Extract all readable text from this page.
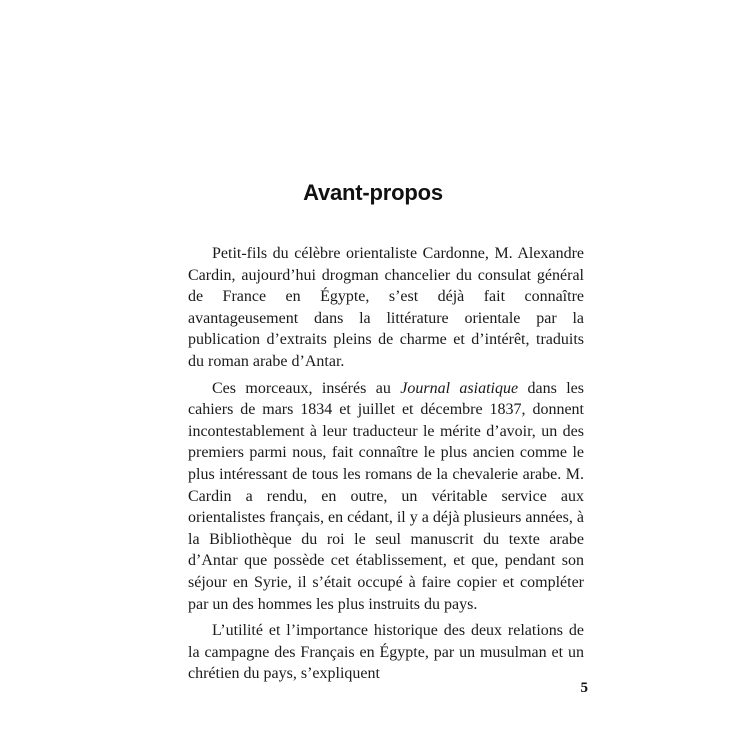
Avant-propos

Petit-fils du célèbre orientaliste Cardonne, M. Alexandre Cardin, aujourd’hui drogman chancelier du consulat général de France en Égypte, s’est déjà fait connaître avantageusement dans la littérature orientale par la publication d’extraits pleins de charme et d’intérêt, traduits du roman arabe d’Antar.

Ces morceaux, insérés au Journal asiatique dans les cahiers de mars 1834 et juillet et décembre 1837, donnent incontestablement à leur traducteur le mérite d’avoir, un des premiers parmi nous, fait connaître le plus ancien comme le plus intéressant de tous les romans de la chevalerie arabe. M. Cardin a rendu, en outre, un véritable service aux orientalistes français, en cédant, il y a déjà plusieurs années, à la Bibliothèque du roi le seul manuscrit du texte arabe d’Antar que possède cet établissement, et que, pendant son séjour en Syrie, il s’était occupé à faire copier et compléter par un des hommes les plus instruits du pays.

L’utilité et l’importance historique des deux relations de la campagne des Français en Égypte, par un musulman et un chrétien du pays, s’expliquent

5
